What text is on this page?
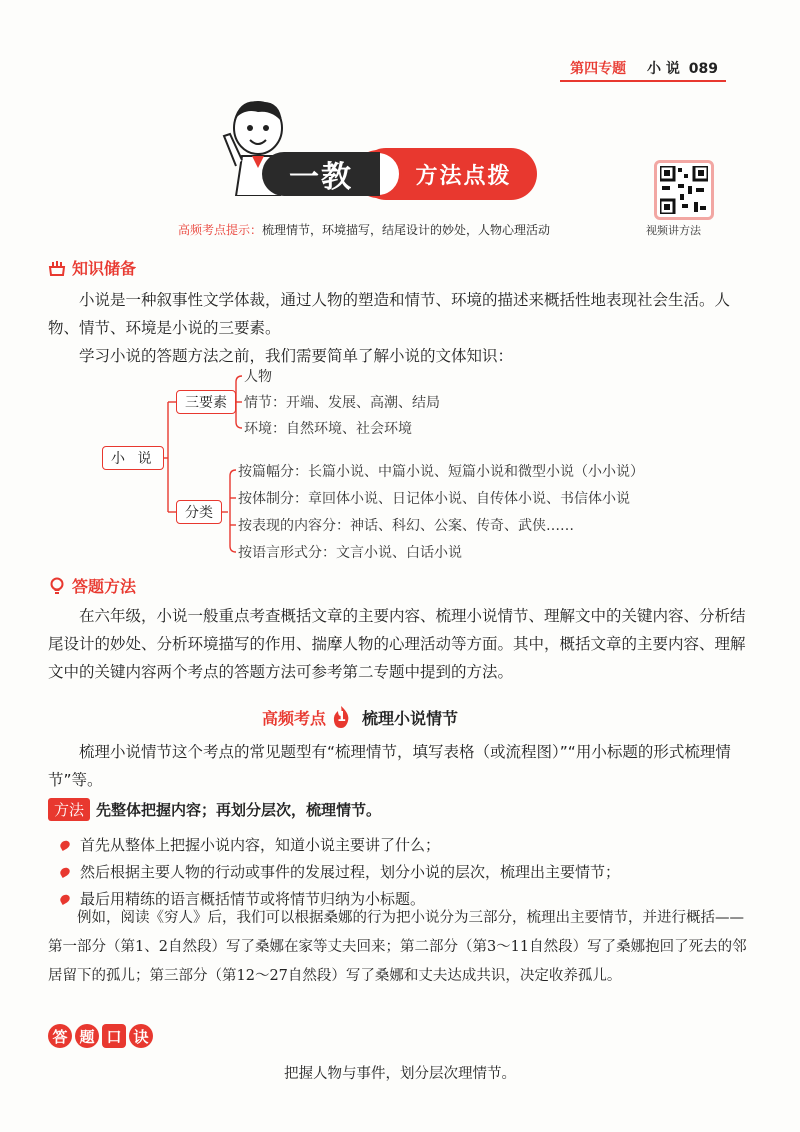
第四专题 小 说 089
方法点拨
一教
视频讲方法
高频考点提示：梳理情节，环境描写，结尾设计的妙处，人物心理活动
知识储备
小说是一种叙事性文学体裁，通过人物的塑造和情节、环境的描述来概括性地表现社会生活。人物、情节、环境是小说的三要素。
学习小说的答题方法之前，我们需要简单了解小说的文体知识：
小 说
三要素
分类
人物
情节：开端、发展、高潮、结局
环境：自然环境、社会环境
按篇幅分：长篇小说、中篇小说、短篇小说和微型小说（小小说）
按体制分：章回体小说、日记体小说、自传体小说、书信体小说
按表现的内容分：神话、科幻、公案、传奇、武侠……
按语言形式分：文言小说、白话小说
答题方法
在六年级，小说一般重点考查概括文章的主要内容、梳理小说情节、理解文中的关键内容、分析结尾设计的妙处、分析环境描写的作用、揣摩人物的心理活动等方面。其中，概括文章的主要内容、理解文中的关键内容两个考点的答题方法可参考第二专题中提到的方法。
高频考点 1 梳理小说情节
梳理小说情节这个考点的常见题型有“梳理情节，填写表格（或流程图）”“用小标题的形式梳理情节”等。
方法 先整体把握内容；再划分层次，梳理情节。
首先从整体上把握小说内容，知道小说主要讲了什么；
然后根据主要人物的行动或事件的发展过程，划分小说的层次，梳理出主要情节；
最后用精练的语言概括情节或将情节归纳为小标题。
例如，阅读《穷人》后，我们可以根据桑娜的行为把小说分为三部分，梳理出主要情节，并进行概括——第一部分（第1、2自然段）写了桑娜在家等丈夫回来；第二部分（第3～11自然段）写了桑娜抱回了死去的邻居留下的孤儿；第三部分（第12～27自然段）写了桑娜和丈夫达成共识，决定收养孤儿。
答 题 口 诀
把握人物与事件，划分层次理情节。
